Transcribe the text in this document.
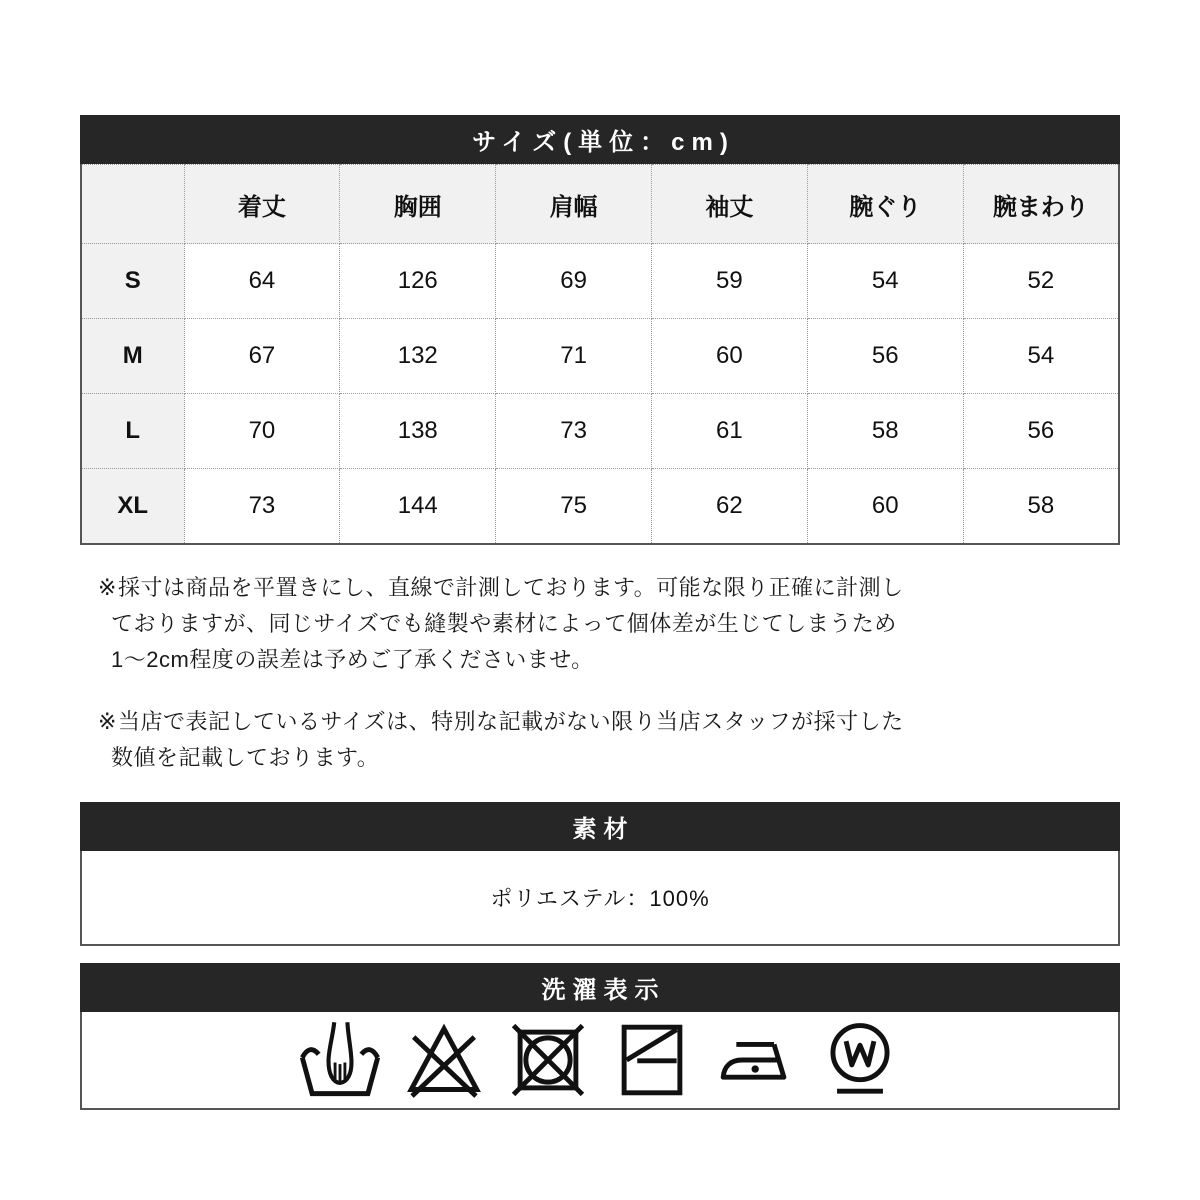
サイズ(単位：cm)
	着丈	胸囲	肩幅	袖丈	腕ぐり	腕まわり
S	64	126	69	59	54	52
M	67	132	71	60	56	54
L	70	138	73	61	58	56
XL	73	144	75	62	60	58
※採寸は商品を平置きにし、直線で計測しております。可能な限り正確に計測し
ておりますが、同じサイズでも縫製や素材によって個体差が生じてしまうため
1〜2cm程度の誤差は予めご了承くださいませ。
※当店で表記しているサイズは、特別な記載がない限り当店スタッフが採寸した
数値を記載しております。
素材
ポリエステル：100%
洗濯表示
